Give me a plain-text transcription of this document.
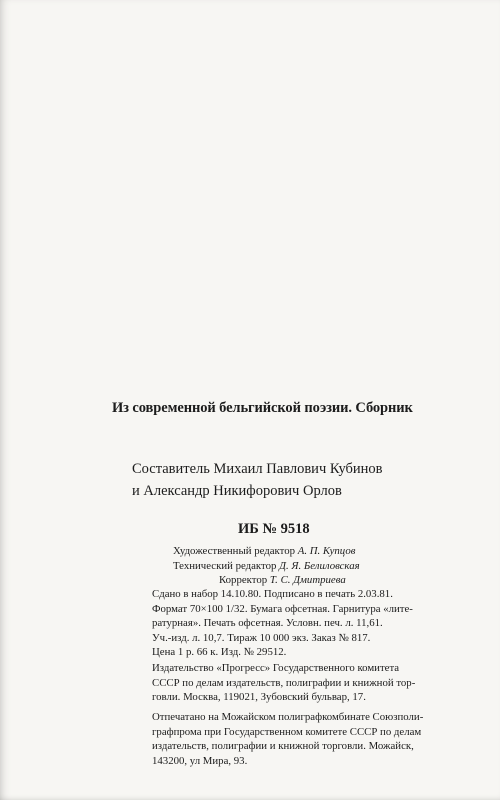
Из современной бельгийской поэзии. Сборник
Составитель Михаил Павлович Кубинов
и Александр Никифорович Орлов
ИБ № 9518
Художественный редактор А. П. Купцов
Технический редактор Д. Я. Белиловская
Корректор Т. С. Дмитриева
Сдано в набор 14.10.80. Подписано в печать 2.03.81.
Формат 70×100 1/32. Бумага офсетная. Гарнитура «лите-
ратурная». Печать офсетная. Условн. печ. л. 11,61.
Уч.-изд. л. 10,7. Тираж 10 000 экз. Заказ № 817.
Цена 1 р. 66 к. Изд. № 29512.
Издательство «Прогресс» Государственного комитета
СССР по делам издательств, полиграфии и книжной тор-
говли. Москва, 119021, Зубовский бульвар, 17.
Отпечатано на Можайском полиграфкомбинате Союзполи-
графпрома при Государственном комитете СССР по делам
издательств, полиграфии и книжной торговли. Можайск,
143200, ул Мира, 93.
